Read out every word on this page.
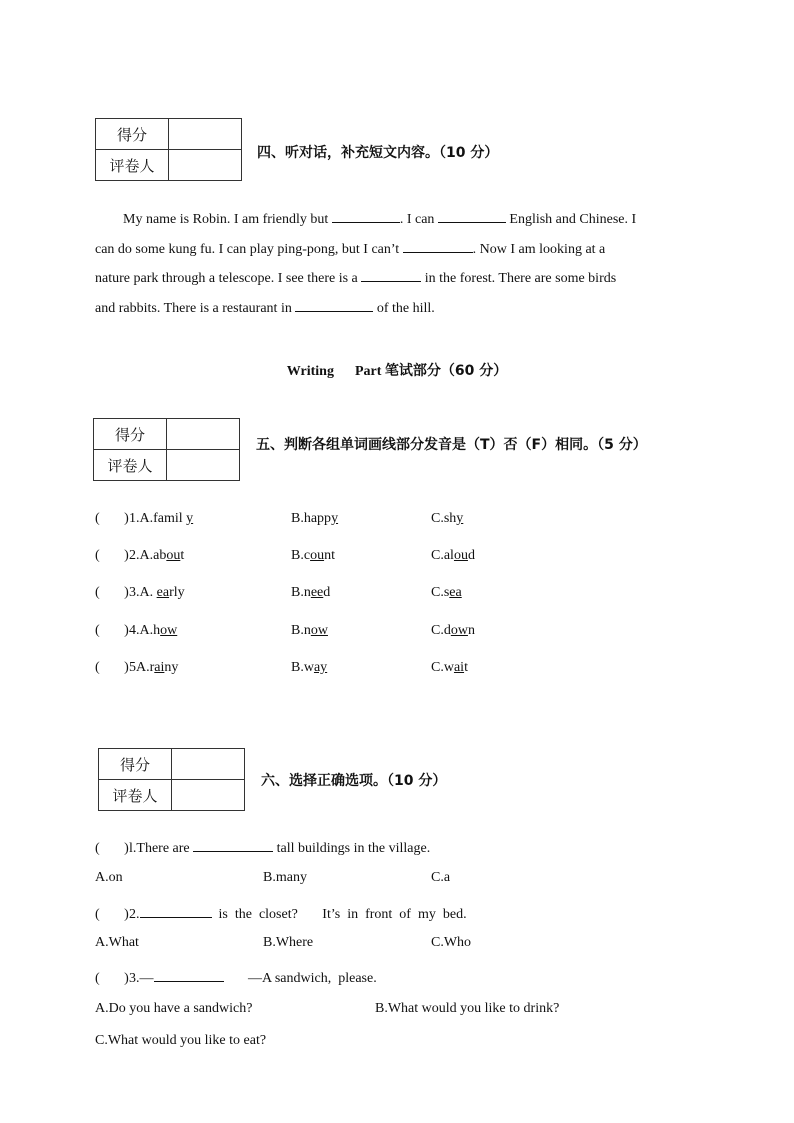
得分	
评卷人	
四、听对话，补充短文内容。（10 分）
My name is Robin. I am friendly but	. I can	English and Chinese. I
can do some kung fu. I can play ping-pong, but I can’t	. Now I am looking at a
nature park through a telescope. I see there is a	in the forest. There are some birds
and rabbits. There is a restaurant in	of the hill.
Writing      Part 笔试部分（60 分）
得分	
评卷人	
五、判断各组单词画线部分发音是（T）否（F）相同。（5 分）
(       )1.A.famil y	B.happy	C.shy
(       )2.A.about	B.count	C.aloud
(       )3.A. early	B.need	C.sea
(       )4.A.how	B.now	C.down
(       )5A.rainy	B.way	C.wait
得分	
评卷人	
六、选择正确选项。（10 分）
(       )l.There are	tall buildings in the village.
A.on	B.many	C.a
(       )2.	is  the  closet?       It’s  in  front  of  my  bed.
A.What	B.Where	C.Who
(       )3.—	—A sandwich,  please.
A.Do you have a sandwich?	B.What would you like to drink?
C.What would you like to eat?
